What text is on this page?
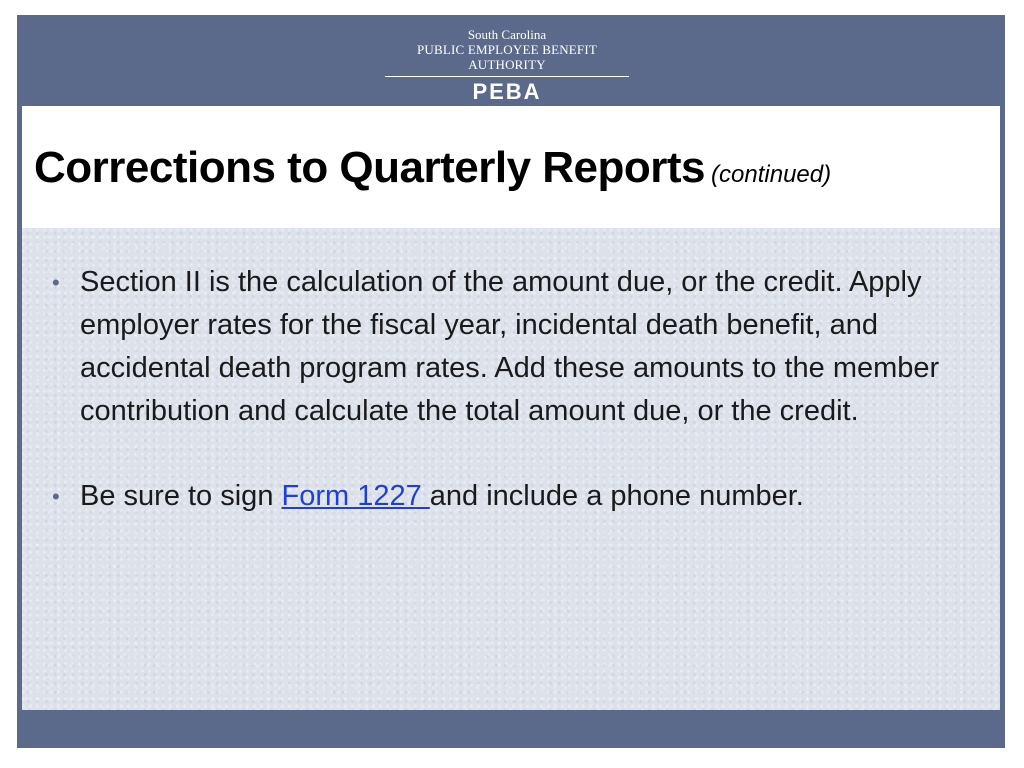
South Carolina
PUBLIC EMPLOYEE BENEFIT AUTHORITY
PEBA
Corrections to Quarterly Reports (continued)
• Section II is the calculation of the amount due, or the credit. Apply employer rates for the fiscal year, incidental death benefit, and accidental death program rates. Add these amounts to the member contribution and calculate the total amount due, or the credit.
• Be sure to sign Form 1227 and include a phone number.
